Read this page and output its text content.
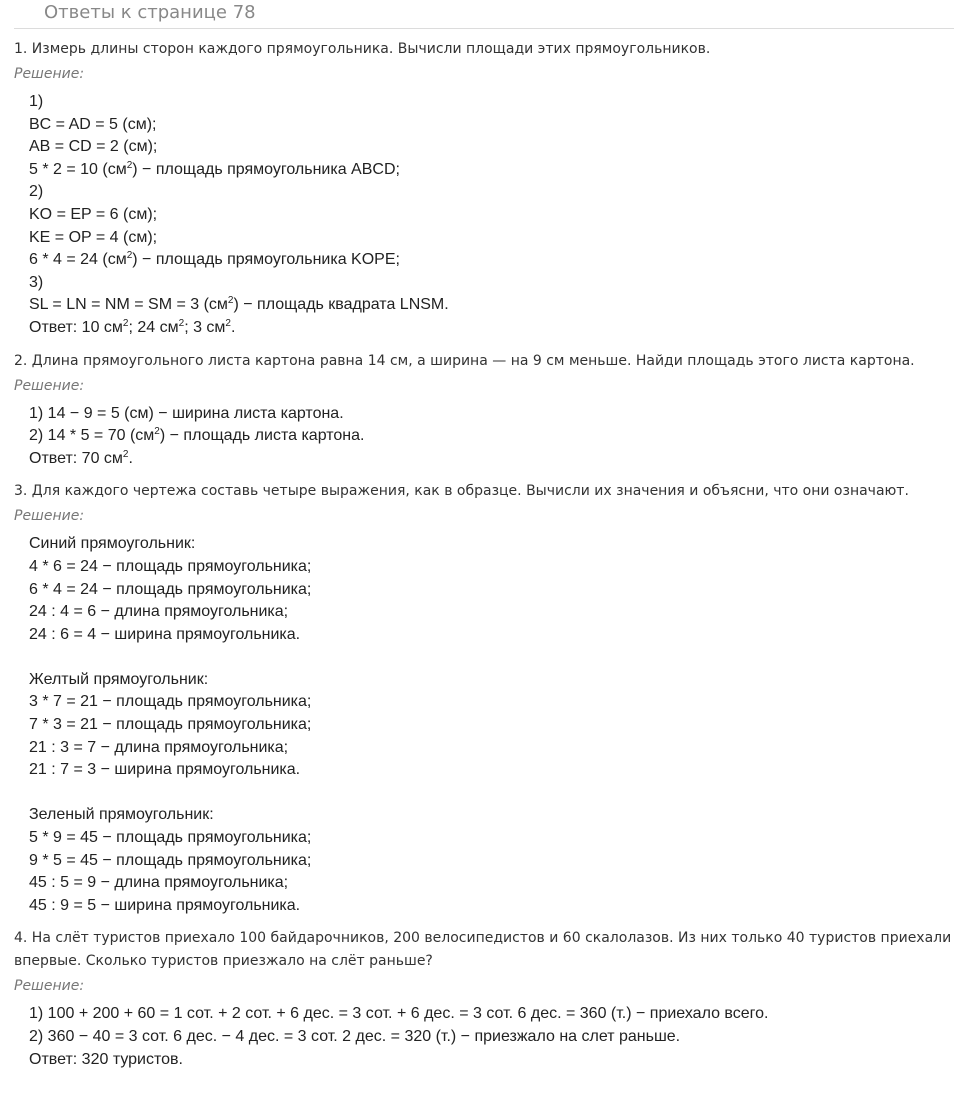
Ответы к странице 78
1. Измерь длины сторон каждого прямоугольника. Вычисли площади этих прямоугольников.
Решение:
1)
BC = AD = 5 (см);
AB = CD = 2 (см);
5 * 2 = 10 $(см^2)$ − площадь прямоугольника ABCD;
2)
KO = EP = 6 (см);
KE = OP = 4 (см);
6 * 4 = 24 $(см^2)$ − площадь прямоугольника KOPE;
3)
SL = LN = NM = SM = 3 $(см^2)$ − площадь квадрата LNSM.
Ответ: 10 $см^2$; 24 $см^2$; 3 $см^2$.
2. Длина прямоугольного листа картона равна 14 см, а ширина — на 9 см меньше. Найди площадь этого листа картона.
Решение:
1) 14 − 9 = 5 (см) − ширина листа картона.
2) 14 * 5 = 70 $(см^2)$ − площадь листа картона.
Ответ: 70 $см^2$.
3. Для каждого чертежа составь четыре выражения, как в образце. Вычисли их значения и объясни, что они означают.
Решение:
Синий прямоугольник:
4 * 6 = 24 − площадь прямоугольника;
6 * 4 = 24 − площадь прямоугольника;
24 : 4 = 6 − длина прямоугольника;
24 : 6 = 4 − ширина прямоугольника.
Желтый прямоугольник:
3 * 7 = 21 − площадь прямоугольника;
7 * 3 = 21 − площадь прямоугольника;
21 : 3 = 7 − длина прямоугольника;
21 : 7 = 3 − ширина прямоугольника.
Зеленый прямоугольник:
5 * 9 = 45 − площадь прямоугольника;
9 * 5 = 45 − площадь прямоугольника;
45 : 5 = 9 − длина прямоугольника;
45 : 9 = 5 − ширина прямоугольника.
4. На слёт туристов приехало 100 байдарочников, 200 велосипедистов и 60 скалолазов. Из них только 40 туристов приехали впервые. Сколько туристов приезжало на слёт раньше?
Решение:
1) 100 + 200 + 60 = 1 сот. + 2 сот. + 6 дес. = 3 сот. + 6 дес. = 3 сот. 6 дес. = 360 (т.) − приехало всего.
2) 360 − 40 = 3 сот. 6 дес. − 4 дес. = 3 сот. 2 дес. = 320 (т.) − приезжало на слет раньше.
Ответ: 320 туристов.
